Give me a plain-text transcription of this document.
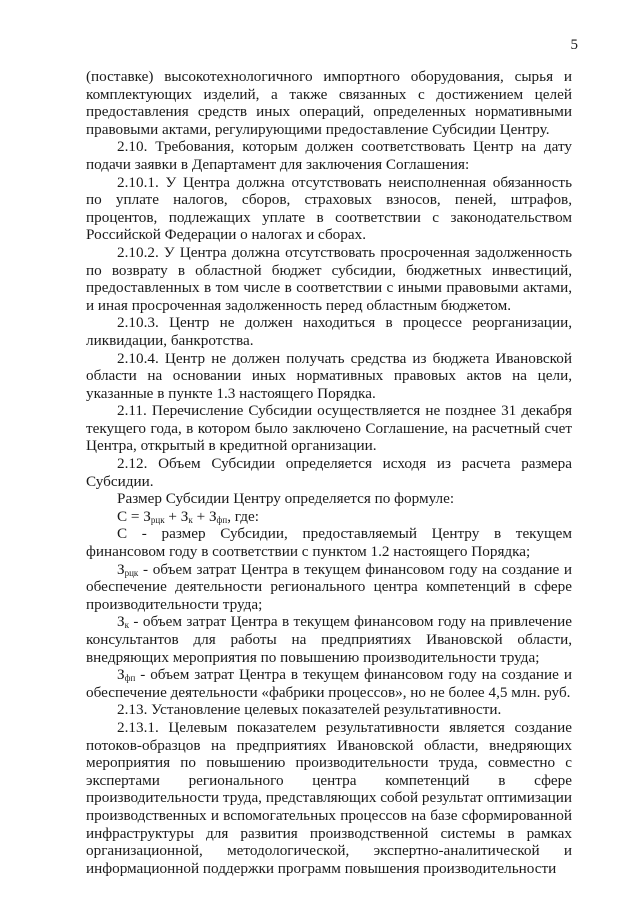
5

(поставке) высокотехнологичного импортного оборудования, сырья и комплектующих изделий, а также связанных с достижением целей предоставления средств иных операций, определенных нормативными правовыми актами, регулирующими предоставление Субсидии Центру.

2.10. Требования, которым должен соответствовать Центр на дату подачи заявки в Департамент для заключения Соглашения:

2.10.1. У Центра должна отсутствовать неисполненная обязанность по уплате налогов, сборов, страховых взносов, пеней, штрафов, процентов, подлежащих уплате в соответствии с законодательством Российской Федерации о налогах и сборах.

2.10.2. У Центра должна отсутствовать просроченная задолженность по возврату в областной бюджет субсидии, бюджетных инвестиций, предоставленных в том числе в соответствии с иными правовыми актами, и иная просроченная задолженность перед областным бюджетом.

2.10.3. Центр не должен находиться в процессе реорганизации, ликвидации, банкротства.

2.10.4. Центр не должен получать средства из бюджета Ивановской области на основании иных нормативных правовых актов на цели, указанные в пункте 1.3 настоящего Порядка.

2.11. Перечисление Субсидии осуществляется не позднее 31 декабря текущего года, в котором было заключено Соглашение, на расчетный счет Центра, открытый в кредитной организации.

2.12. Объем Субсидии определяется исходя из расчета размера Субсидии.

Размер Субсидии Центру определяется по формуле:

$С = З_{рцк} + З_к + З_{фп}$, где:

С - размер Субсидии, предоставляемый Центру в текущем финансовом году в соответствии с пунктом 1.2 настоящего Порядка;

$З_{рцк}$ - объем затрат Центра в текущем финансовом году на создание и обеспечение деятельности регионального центра компетенций в сфере производительности труда;

$З_к$ - объем затрат Центра в текущем финансовом году на привлечение консультантов для работы на предприятиях Ивановской области, внедряющих мероприятия по повышению производительности труда;

$З_{фп}$ - объем затрат Центра в текущем финансовом году на создание и обеспечение деятельности «фабрики процессов», но не более 4,5 млн. руб.

2.13. Установление целевых показателей результативности.

2.13.1. Целевым показателем результативности является создание потоков-образцов на предприятиях Ивановской области, внедряющих мероприятия по повышению производительности труда, совместно с экспертами регионального центра компетенций в сфере производительности труда, представляющих собой результат оптимизации производственных и вспомогательных процессов на базе сформированной инфраструктуры для развития производственной системы в рамках организационной, методологической, экспертно-аналитической и информационной поддержки программ повышения производительности
